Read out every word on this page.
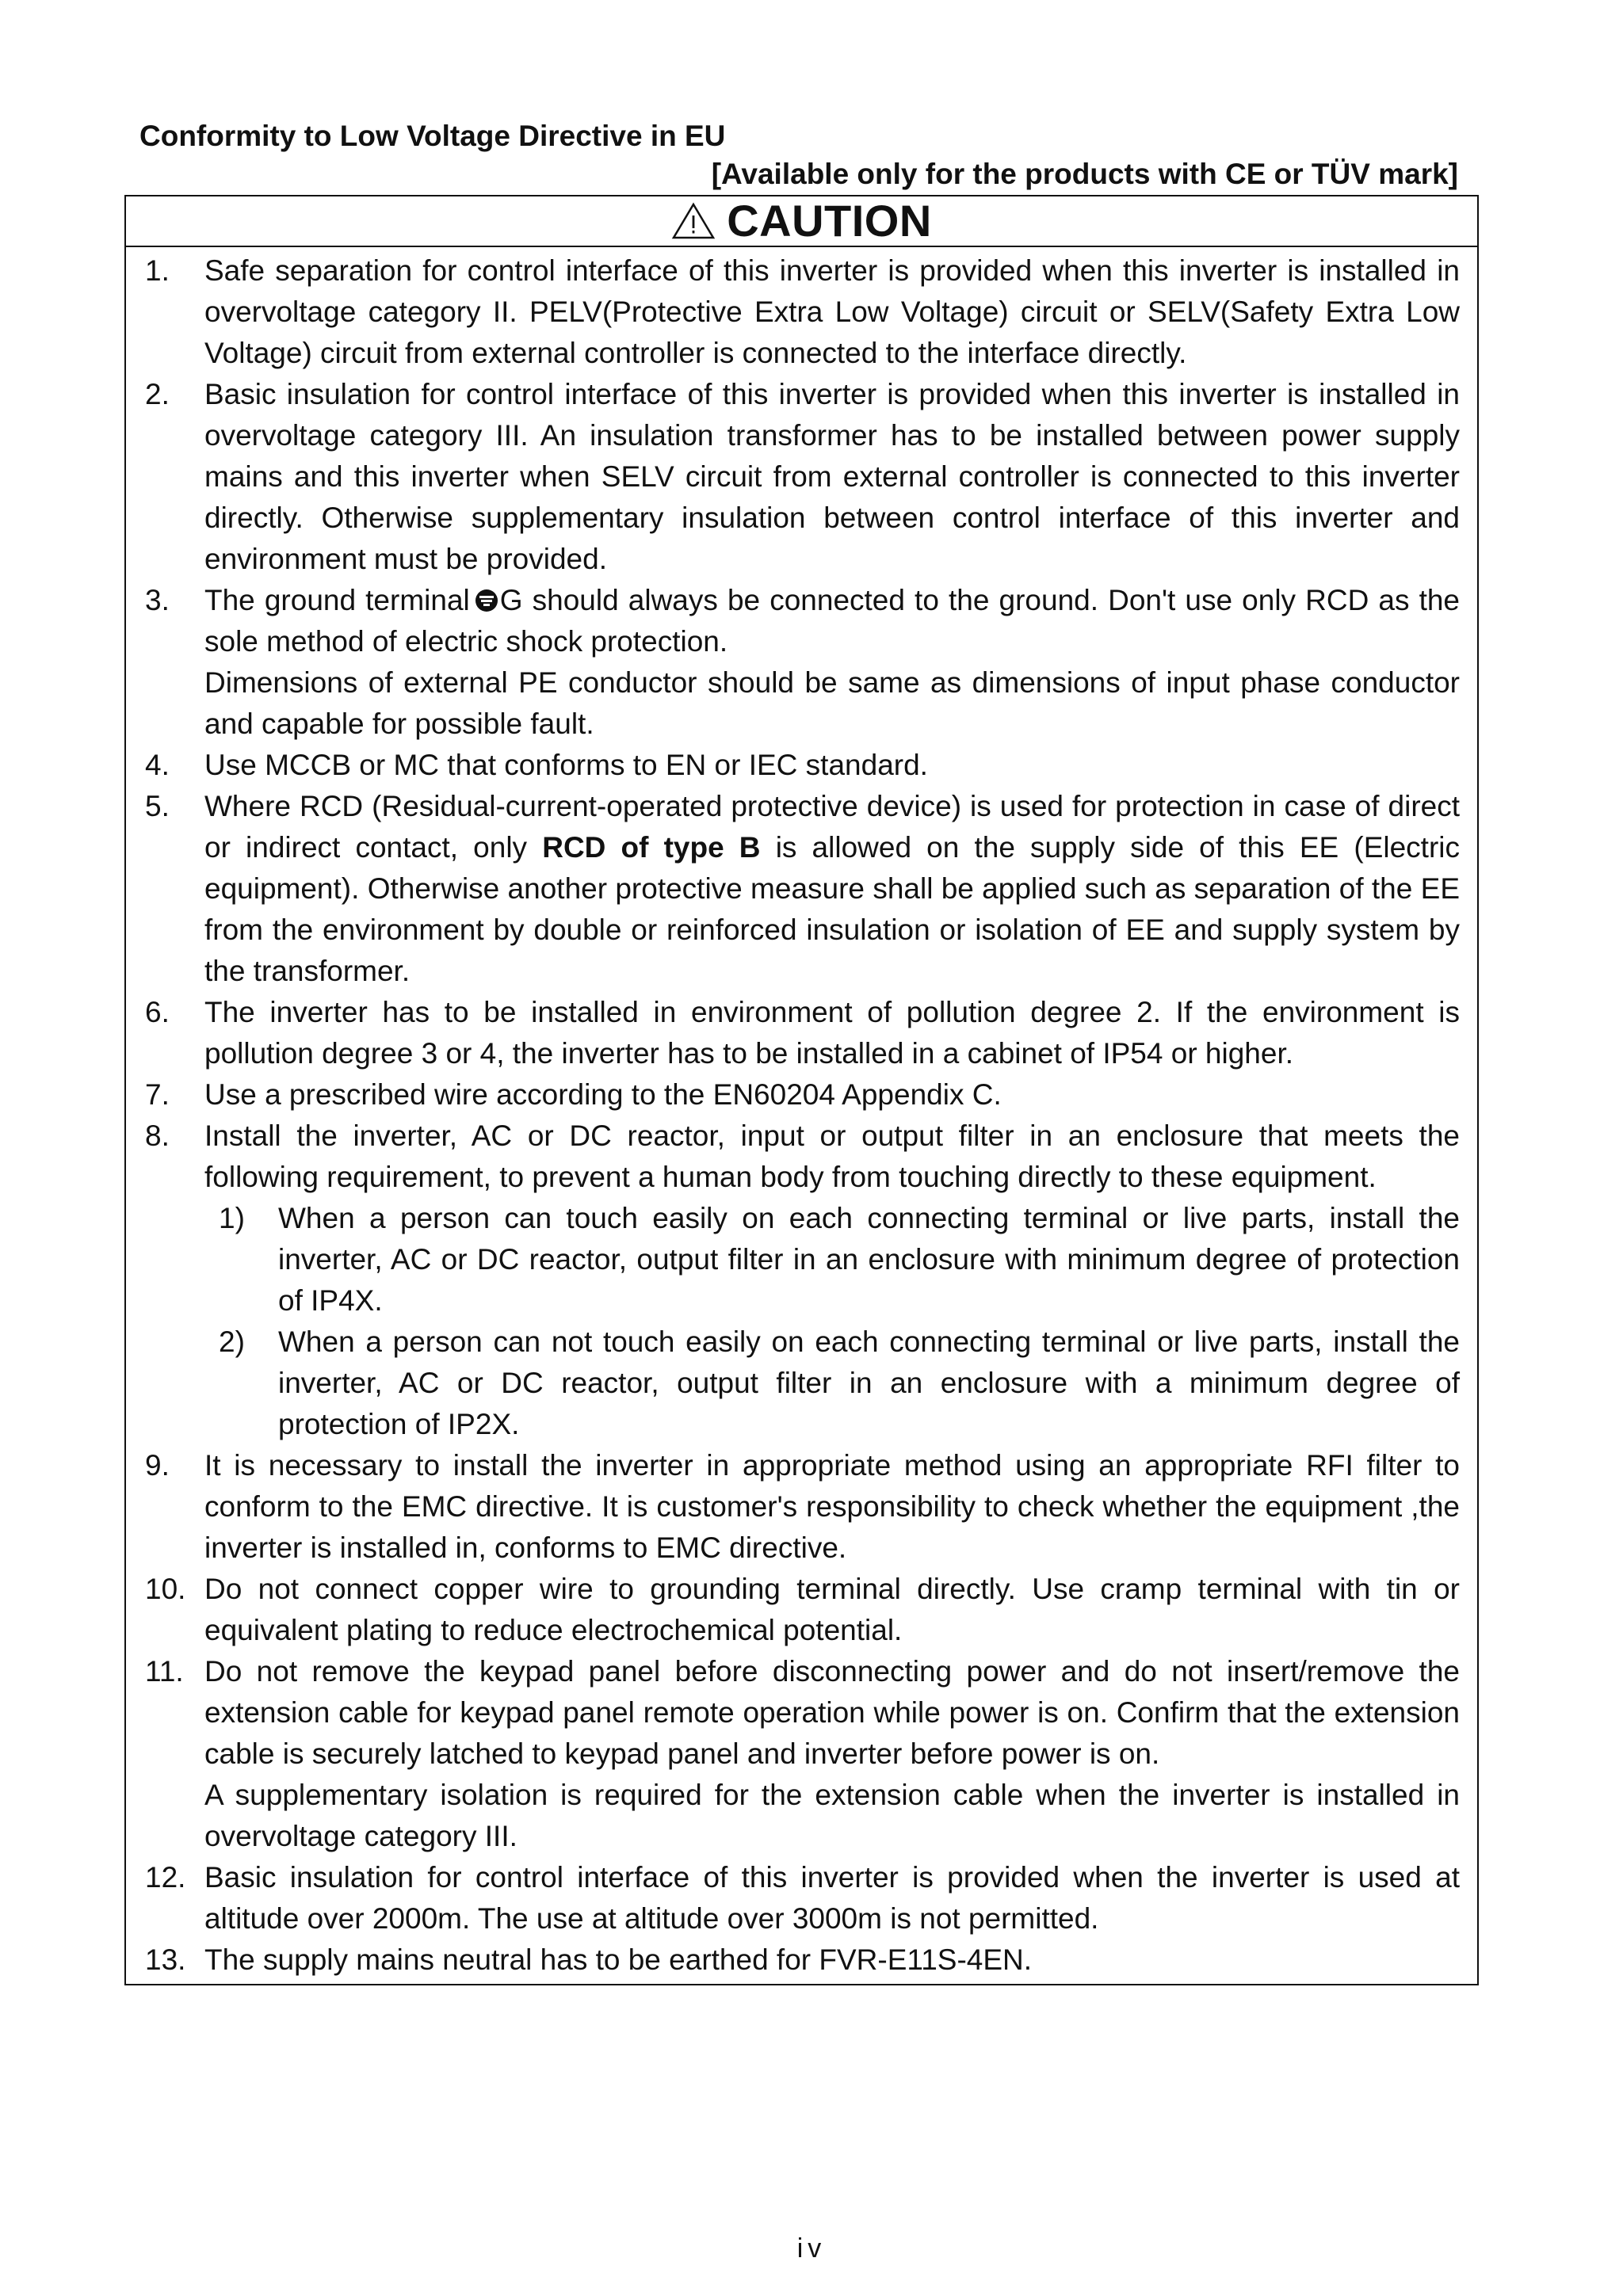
Conformity to Low Voltage Directive in EU
[Available only for the products with CE or TÜV mark]
CAUTION
1. Safe separation for control interface of this inverter is provided when this inverter is installed in overvoltage category II. PELV(Protective Extra Low Voltage) circuit or SELV(Safety Extra Low Voltage) circuit from external controller is connected to the interface directly.

2. Basic insulation for control interface of this inverter is provided when this inverter is installed in overvoltage category III. An insulation transformer has to be installed between power supply mains and this inverter when SELV circuit from external controller is connected to this inverter directly. Otherwise supplementary insulation between control interface of this inverter and environment must be provided.

3. The ground terminal G should always be connected to the ground. Don't use only RCD as the sole method of electric shock protection.

Dimensions of external PE conductor should be same as dimensions of input phase conductor and capable for possible fault.

4. Use MCCB or MC that conforms to EN or IEC standard.

5. Where RCD (Residual-current-operated protective device) is used for protection in case of direct or indirect contact, only RCD of type B is allowed on the supply side of this EE (Electric equipment). Otherwise another protective measure shall be applied such as separation of the EE from the environment by double or reinforced insulation or isolation of EE and supply system by the transformer.

6. The inverter has to be installed in environment of pollution degree 2. If the environment is pollution degree 3 or 4, the inverter has to be installed in a cabinet of IP54 or higher.

7. Use a prescribed wire according to the EN60204 Appendix C.

8. Install the inverter, AC or DC reactor, input or output filter in an enclosure that meets the following requirement, to prevent a human body from touching directly to these equipment.

1) When a person can touch easily on each connecting terminal or live parts, install the inverter, AC or DC reactor, output filter in an enclosure with minimum degree of protection of IP4X.

2) When a person can not touch easily on each connecting terminal or live parts, install the inverter, AC or DC reactor, output filter in an enclosure with a minimum degree of protection of IP2X.

9. It is necessary to install the inverter in appropriate method using an appropriate RFI filter to conform to the EMC directive. It is customer's responsibility to check whether the equipment ,the inverter is installed in, conforms to EMC directive.

10. Do not connect copper wire to grounding terminal directly. Use cramp terminal with tin or equivalent plating to reduce electrochemical potential.

11. Do not remove the keypad panel before disconnecting power and do not insert/remove the extension cable for keypad panel remote operation while power is on. Confirm that the extension cable is securely latched to keypad panel and inverter before power is on.

A supplementary isolation is required for the extension cable when the inverter is installed in overvoltage category III.

12. Basic insulation for control interface of this inverter is provided when the inverter is used at altitude over 2000m. The use at altitude over 3000m is not permitted.

13. The supply mains neutral has to be earthed for FVR-E11S-4EN.

iv
